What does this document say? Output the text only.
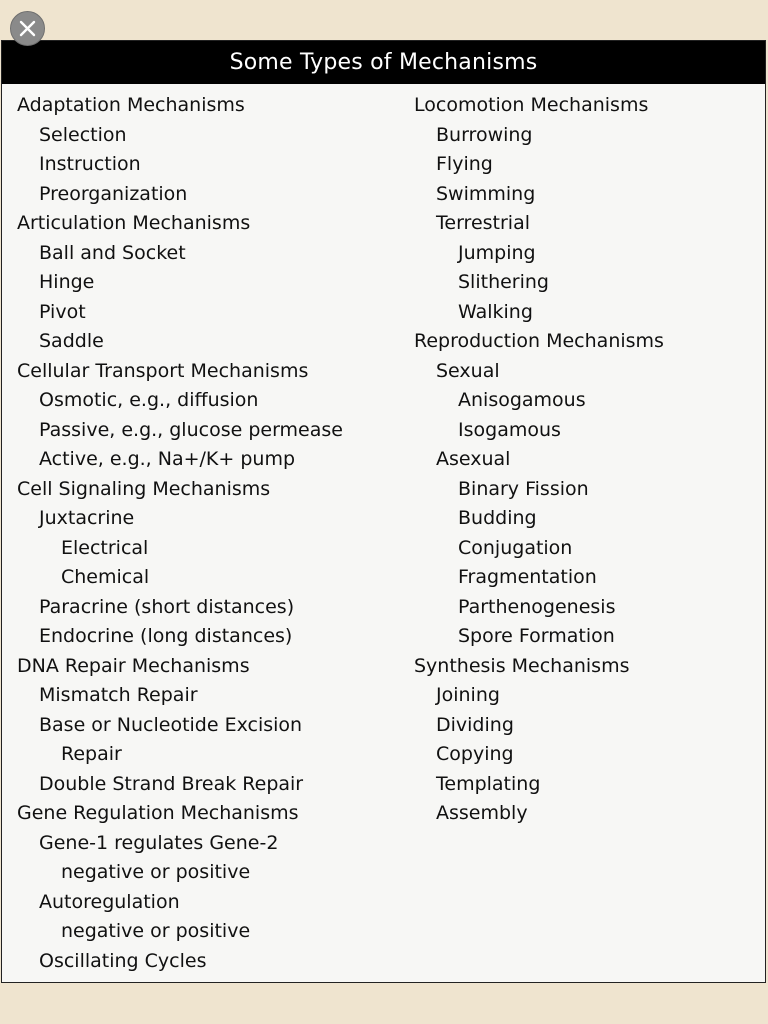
Some Types of Mechanisms
Adaptation Mechanisms
Selection
Instruction
Preorganization
Articulation Mechanisms
Ball and Socket
Hinge
Pivot
Saddle
Cellular Transport Mechanisms
Osmotic, e.g., diffusion
Passive, e.g., glucose permease
Active, e.g., Na+/K+ pump
Cell Signaling Mechanisms
Juxtacrine
Electrical
Chemical
Paracrine (short distances)
Endocrine (long distances)
DNA Repair Mechanisms
Mismatch Repair
Base or Nucleotide Excision
Repair
Double Strand Break Repair
Gene Regulation Mechanisms
Gene-1 regulates Gene-2
negative or positive
Autoregulation
negative or positive
Oscillating Cycles
Locomotion Mechanisms
Burrowing
Flying
Swimming
Terrestrial
Jumping
Slithering
Walking
Reproduction Mechanisms
Sexual
Anisogamous
Isogamous
Asexual
Binary Fission
Budding
Conjugation
Fragmentation
Parthenogenesis
Spore Formation
Synthesis Mechanisms
Joining
Dividing
Copying
Templating
Assembly
